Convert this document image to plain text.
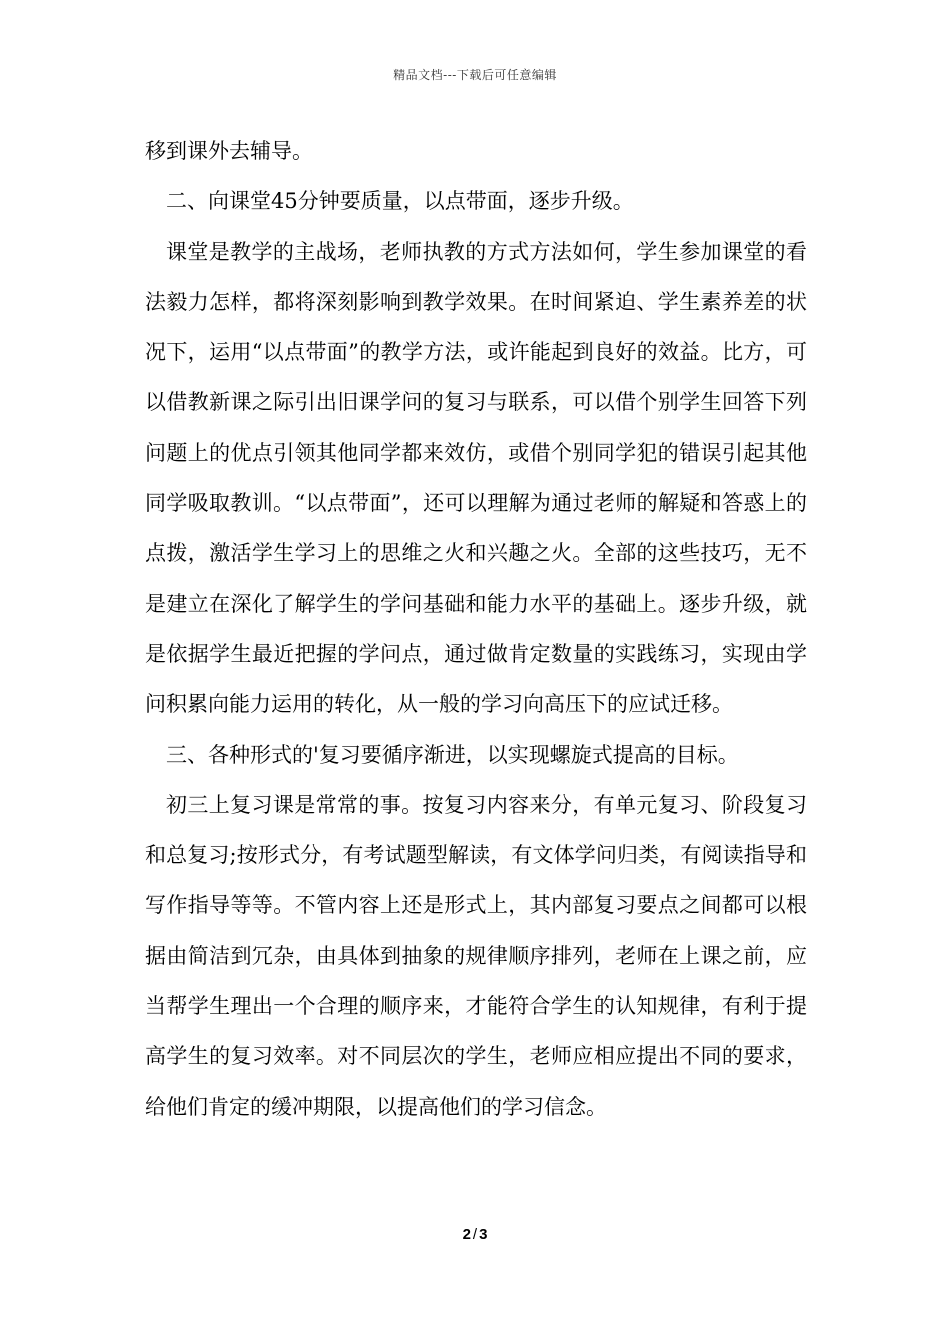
精品文档---下载后可任意编辑

移到课外去辅导。

二、向课堂45分钟要质量，以点带面，逐步升级。

课堂是教学的主战场，老师执教的方式方法如何，学生参加课堂的看法毅力怎样，都将深刻影响到教学效果。在时间紧迫、学生素养差的状况下，运用“以点带面”的教学方法，或许能起到良好的效益。比方，可以借教新课之际引出旧课学问的复习与联系，可以借个别学生回答下列问题上的优点引领其他同学都来效仿，或借个别同学犯的错误引起其他同学吸取教训。“以点带面”，还可以理解为通过老师的解疑和答惑上的点拨，激活学生学习上的思维之火和兴趣之火。全部的这些技巧，无不是建立在深化了解学生的学问基础和能力水平的基础上。逐步升级，就是依据学生最近把握的学问点，通过做肯定数量的实践练习，实现由学问积累向能力运用的转化，从一般的学习向高压下的应试迁移。

三、各种形式的'复习要循序渐进，以实现螺旋式提高的目标。

初三上复习课是常常的事。按复习内容来分，有单元复习、阶段复习和总复习;按形式分，有考试题型解读，有文体学问归类，有阅读指导和写作指导等等。不管内容上还是形式上，其内部复习要点之间都可以根据由简洁到冗杂，由具体到抽象的规律顺序排列，老师在上课之前，应当帮学生理出一个合理的顺序来，才能符合学生的认知规律，有利于提高学生的复习效率。对不同层次的学生，老师应相应提出不同的要求，给他们肯定的缓冲期限，以提高他们的学习信念。

2 / 3
